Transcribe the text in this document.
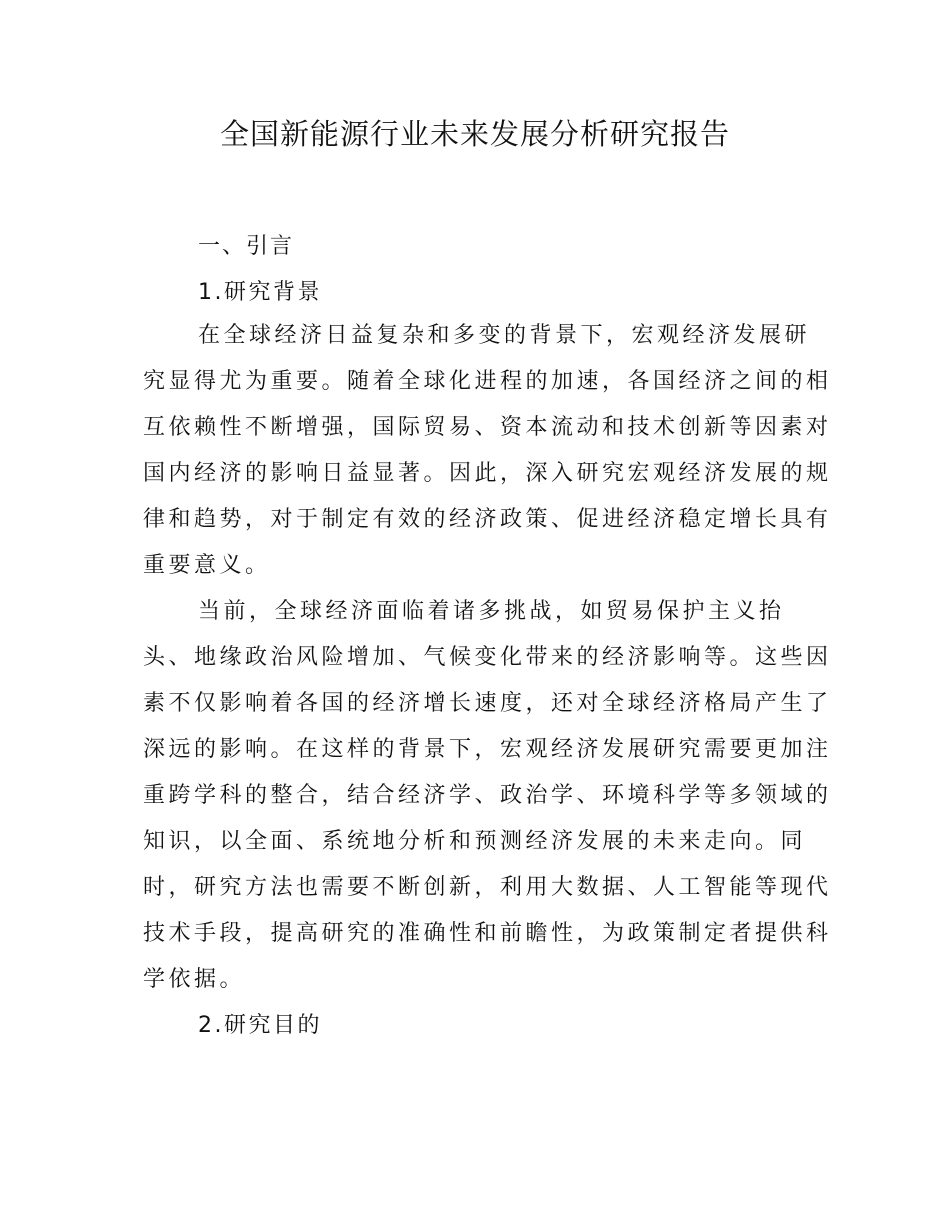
全国新能源行业未来发展分析研究报告

一、引言

1.研究背景

在全球经济日益复杂和多变的背景下，宏观经济发展研

究显得尤为重要。随着全球化进程的加速，各国经济之间的相

互依赖性不断增强，国际贸易、资本流动和技术创新等因素对

国内经济的影响日益显著。因此，深入研究宏观经济发展的规

律和趋势，对于制定有效的经济政策、促进经济稳定增长具有

重要意义。

当前，全球经济面临着诸多挑战，如贸易保护主义抬

头、地缘政治风险增加、气候变化带来的经济影响等。这些因

素不仅影响着各国的经济增长速度，还对全球经济格局产生了

深远的影响。在这样的背景下，宏观经济发展研究需要更加注

重跨学科的整合，结合经济学、政治学、环境科学等多领域的

知识，以全面、系统地分析和预测经济发展的未来走向。同

时，研究方法也需要不断创新，利用大数据、人工智能等现代

技术手段，提高研究的准确性和前瞻性，为政策制定者提供科

学依据。

2.研究目的
